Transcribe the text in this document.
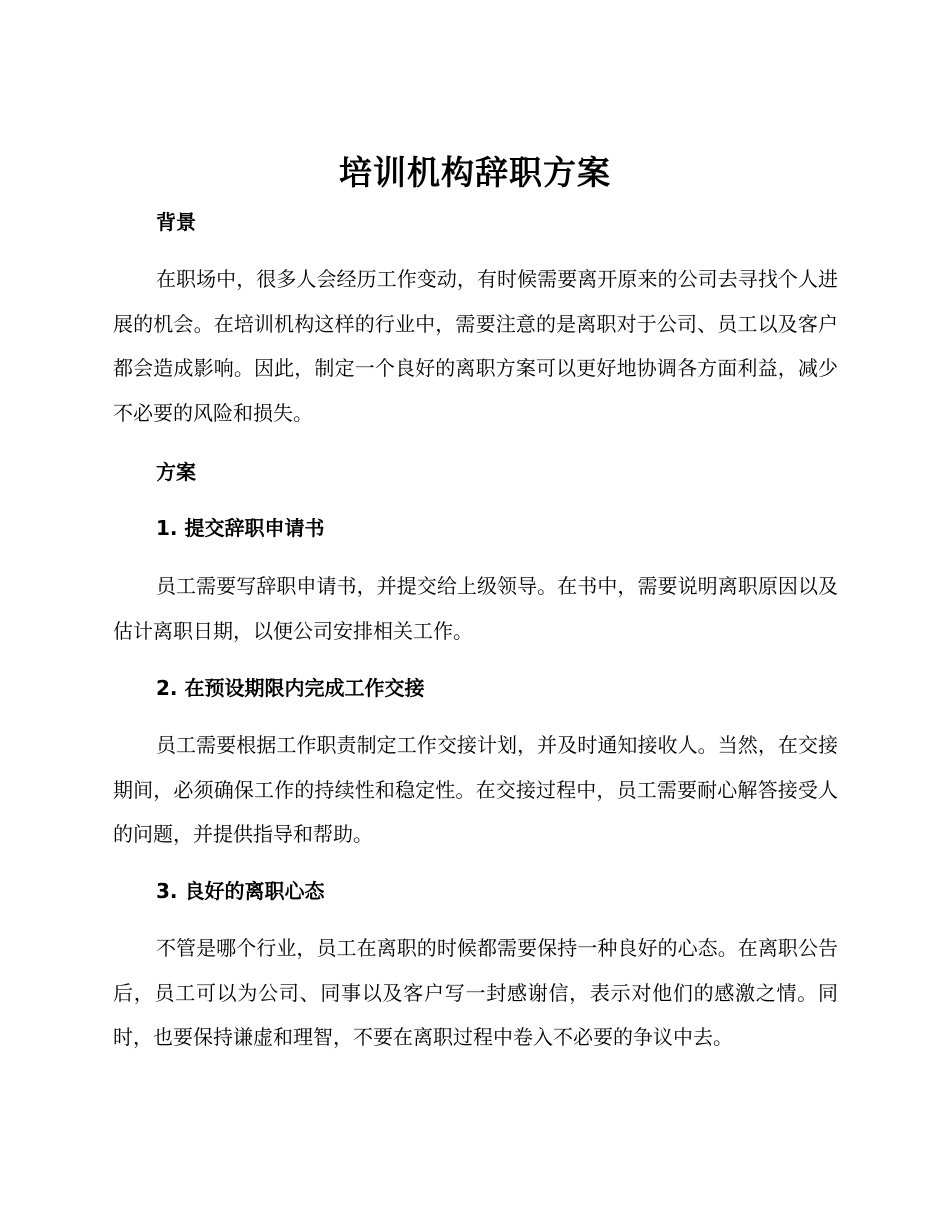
培训机构辞职方案
背景
在职场中，很多人会经历工作变动，有时候需要离开原来的公司去寻找个人进展的机会。在培训机构这样的行业中，需要注意的是离职对于公司、员工以及客户都会造成影响。因此，制定一个良好的离职方案可以更好地协调各方面利益，减少不必要的风险和损失。
方案
1. 提交辞职申请书
员工需要写辞职申请书，并提交给上级领导。在书中，需要说明离职原因以及估计离职日期，以便公司安排相关工作。
2. 在预设期限内完成工作交接
员工需要根据工作职责制定工作交接计划，并及时通知接收人。当然，在交接期间，必须确保工作的持续性和稳定性。在交接过程中，员工需要耐心解答接受人的问题，并提供指导和帮助。
3. 良好的离职心态
不管是哪个行业，员工在离职的时候都需要保持一种良好的心态。在离职公告后，员工可以为公司、同事以及客户写一封感谢信，表示对他们的感激之情。同时，也要保持谦虚和理智，不要在离职过程中卷入不必要的争议中去。
